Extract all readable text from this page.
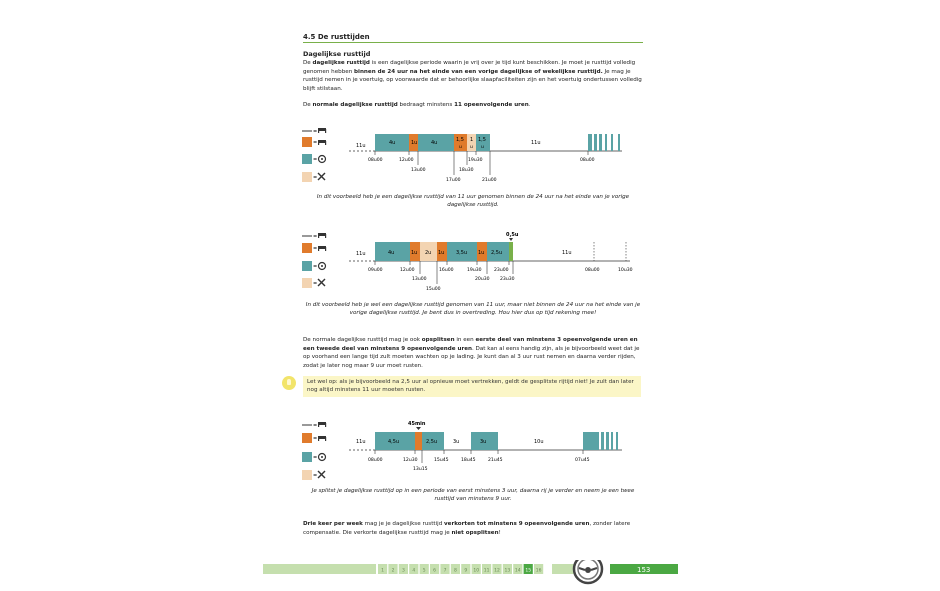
4.5 De rusttijden
Dagelijkse rusttijd
De dagelijkse rusttijd is een dagelijkse periode waarin je vrij over je tijd kunt beschikken. Je moet je rusttijd volledig genomen hebben binnen de 24 uur na het einde van een vorige dagelijkse of wekelijkse rusttijd. Je mag je rusttijd nemen in je voertuig, op voorwaarde dat er behoorlijke slaapfaciliteiten zijn en het voertuig ondertussen volledig blijft stilstaan.
De normale dagelijkse rusttijd bedraagt minstens 11 opeenvolgende uren.
=
=
=
=
11u	4u	1u	4u	1,5 1 1,5
u u u
11u
08u00	12u00	19u30	08u00
13u00	18u30
17u00	21u00
In dit voorbeeld heb je een dagelijkse rusttijd van 11 uur genomen binnen de 24 uur na het einde van je vorige dagelijkse rusttijd.
=
=
=
=
11u	4u	1u 2u 1u 3,5u 1u 2,5u
0,5u
11u
09u00	12u00	16u00	19u30	23u00	08u00	10u30
13u00	20u30 23u30
15u00
In dit voorbeeld heb je wel een dagelijkse rusttijd genomen van 11 uur, maar niet binnen de 24 uur na het einde van je vorige dagelijkse rusttijd. Je bent dus in overtreding. Hou hier dus op tijd rekening mee!
De normale dagelijkse rusttijd mag je ook opsplitsen in een eerste deel van minstens 3 opeenvolgende uren en een tweede deel van minstens 9 opeenvolgende uren. Dat kan al eens handig zijn, als je bijvoorbeeld weet dat je op voorhand een lange tijd zult moeten wachten op je lading. Je kunt dan al 3 uur rust nemen en daarna verder rijden, zodat je later nog maar 9 uur moet rusten.
Let wel op: als je bijvoorbeeld na 2,5 uur al opnieuw moet vertrekken, geldt de gesplitste rijtijd niet! Je zult dan later nog altijd minstens 11 uur moeten rusten.
=
=
=
=
11u	4,5u	2,5u	3u	3u	10u
45min
08u00	12u30	15u45	18u45	21u45	07u45
13u15
Je splitst je dagelijkse rusttijd op in een periode van eerst minstens 3 uur, daarna rij je verder en neem je een twee rusttijd van minstens 9 uur.
Drie keer per week mag je je dagelijkse rusttijd verkorten tot minstens 9 opeenvolgende uren, zonder latere compensatie. Die verkorte dagelijkse rusttijd mag je niet opsplitsen!
1 2 3 4 5 6 7 8 9 10 11 12 13 14 15 16	153
